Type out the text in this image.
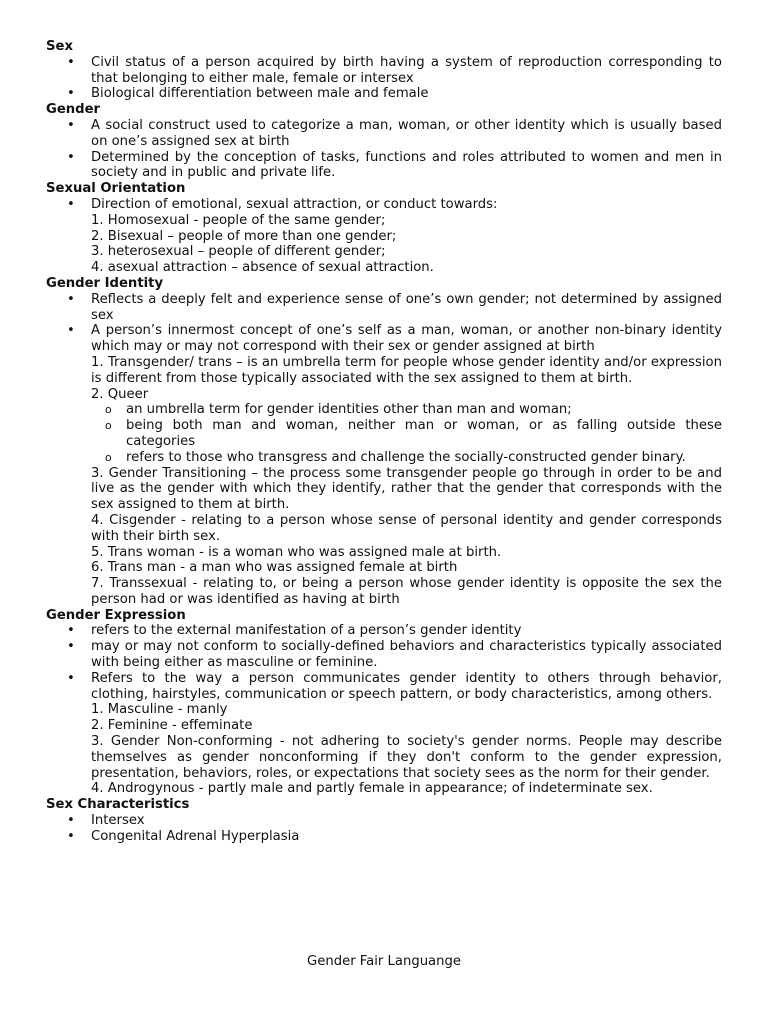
Sex
• Civil status of a person acquired by birth having a system of reproduction corresponding to that belonging to either male, female or intersex
• Biological differentiation between male and female
Gender
• A social construct used to categorize a man, woman, or other identity which is usually based on one’s assigned sex at birth
• Determined by the conception of tasks, functions and roles attributed to women and men in society and in public and private life.
Sexual Orientation
• Direction of emotional, sexual attraction, or conduct towards:
1. Homosexual - people of the same gender;
2. Bisexual – people of more than one gender;
3. heterosexual – people of different gender;
4. asexual attraction – absence of sexual attraction.
Gender Identity
• Reflects a deeply felt and experience sense of one’s own gender; not determined by assigned sex
• A person’s innermost concept of one’s self as a man, woman, or another non-binary identity which may or may not correspond with their sex or gender assigned at birth
1. Transgender/ trans – is an umbrella term for people whose gender identity and/or expression is different from those typically associated with the sex assigned to them at birth.
2. Queer
o an umbrella term for gender identities other than man and woman;
o being both man and woman, neither man or woman, or as falling outside these categories
o refers to those who transgress and challenge the socially-constructed gender binary.
3. Gender Transitioning – the process some transgender people go through in order to be and live as the gender with which they identify, rather that the gender that corresponds with the sex assigned to them at birth.
4. Cisgender - relating to a person whose sense of personal identity and gender corresponds with their birth sex.
5. Trans woman - is a woman who was assigned male at birth.
6. Trans man - a man who was assigned female at birth
7. Transsexual - relating to, or being a person whose gender identity is opposite the sex the person had or was identified as having at birth
Gender Expression
• refers to the external manifestation of a person’s gender identity
• may or may not conform to socially-defined behaviors and characteristics typically associated with being either as masculine or feminine.
• Refers to the way a person communicates gender identity to others through behavior, clothing, hairstyles, communication or speech pattern, or body characteristics, among others.
1. Masculine - manly
2. Feminine - effeminate
3. Gender Non-conforming - not adhering to society's gender norms. People may describe themselves as gender nonconforming if they don't conform to the gender expression, presentation, behaviors, roles, or expectations that society sees as the norm for their gender.
4. Androgynous - partly male and partly female in appearance; of indeterminate sex.
Sex Characteristics
• Intersex
• Congenital Adrenal Hyperplasia
Gender Fair Languange
